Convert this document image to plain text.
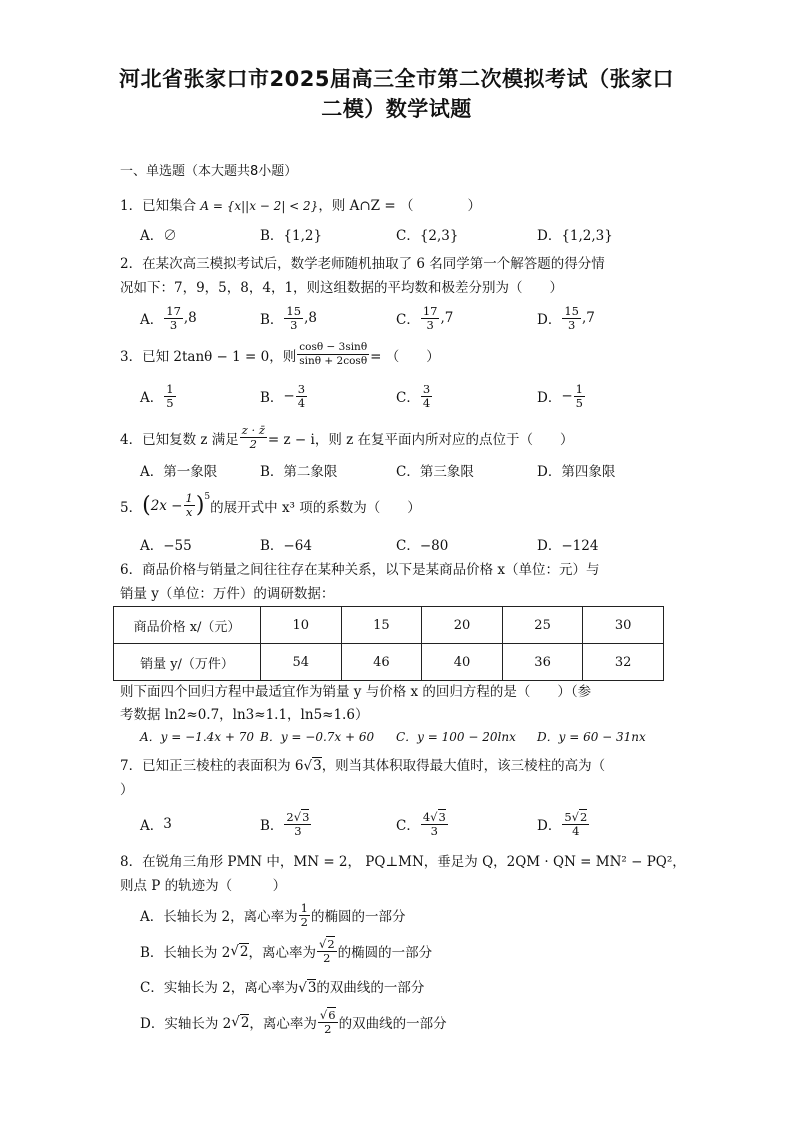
河北省张家口市2025届高三全市第二次模拟考试（张家口
二模）数学试题
一、单选题（本大题共8小题）
1．已知集合 A = {x||x − 2| < 2}，则 A∩Z = （　　　　）
A．∅	B．{1,2}	C．{2,3}	D．{1,2,3}
2．在某次高三模拟考试后，数学老师随机抽取了 6 名同学第一个解答题的得分情
况如下：7，9，5，8，4，1，则这组数据的平均数和极差分别为（　　）
A． $\frac{17}{3} ,8$	B． $\frac{15}{3} ,8$	C． $\frac{17}{3} ,7$	D． $\frac{15}{3} ,7$
3． 已知 2tanθ − 1 = 0，则 $\frac{\cos\theta - 3\sin\theta}{\sin\theta + 2\cos\theta}$ = （　　）
A． $\frac{1}{5}$	B． − $\frac{3}{4}$	C． $\frac{3}{4}$	D． − $\frac{1}{5}$
4． 已知复数 z 满足 $\frac{z \cdot z̄}{2} = z - i$，则 z 在复平面内所对应的点位于（　　）
A．第一象限	B．第二象限	C．第三象限	D．第四象限
5． ( $2x - \frac{1}{x}$ ) 5
的展开式中 x³ 项的系数为（　　）
A．−55	B．−64	C．−80	D．−124
6．商品价格与销量之间往往存在某种关系，以下是某商品价格 x（单位：元）与
销量 y（单位：万件）的调研数据：
商品价格 x/（元）	10	15	20	25	30
销量 y/（万件）	54	46	40	36	32
则下面四个回归方程中最适宜作为销量 y 与价格 x 的回归方程的是（　　）（参
考数据 ln2≈0.7，ln3≈1.1，ln5≈1.6）
A．y = −1.4x + 70 B．y = −0.7x + 60 C．y = 100 − 20lnx D．y = 60 − 31nx
7．已知正三棱柱的表面积为 6√3，则当其体积取得最大值时，该三棱柱的高为（
）
A． 3	B． $\frac{2√3}{3}$	C． $\frac{4√3}{3}$	D． $\frac{5√2}{4}$
8．在锐角三角形 PMN 中，MN = 2， PQ⊥MN，垂足为 Q，2QM · QN = MN² − PQ²，
则点 P 的轨迹为（　　　）
A．长轴长为 2，离心率为 $\frac{1}{2}$ 的椭圆的一部分
B．长轴长为 2 √ 2 ，离心率为 $\frac{√2}{2}$ 的椭圆的一部分
C．实轴长为 2，离心率为√3的双曲线的一部分
D．实轴长为 2 √ 2 ，离心率为 $\frac{√6}{2}$ 的双曲线的一部分
